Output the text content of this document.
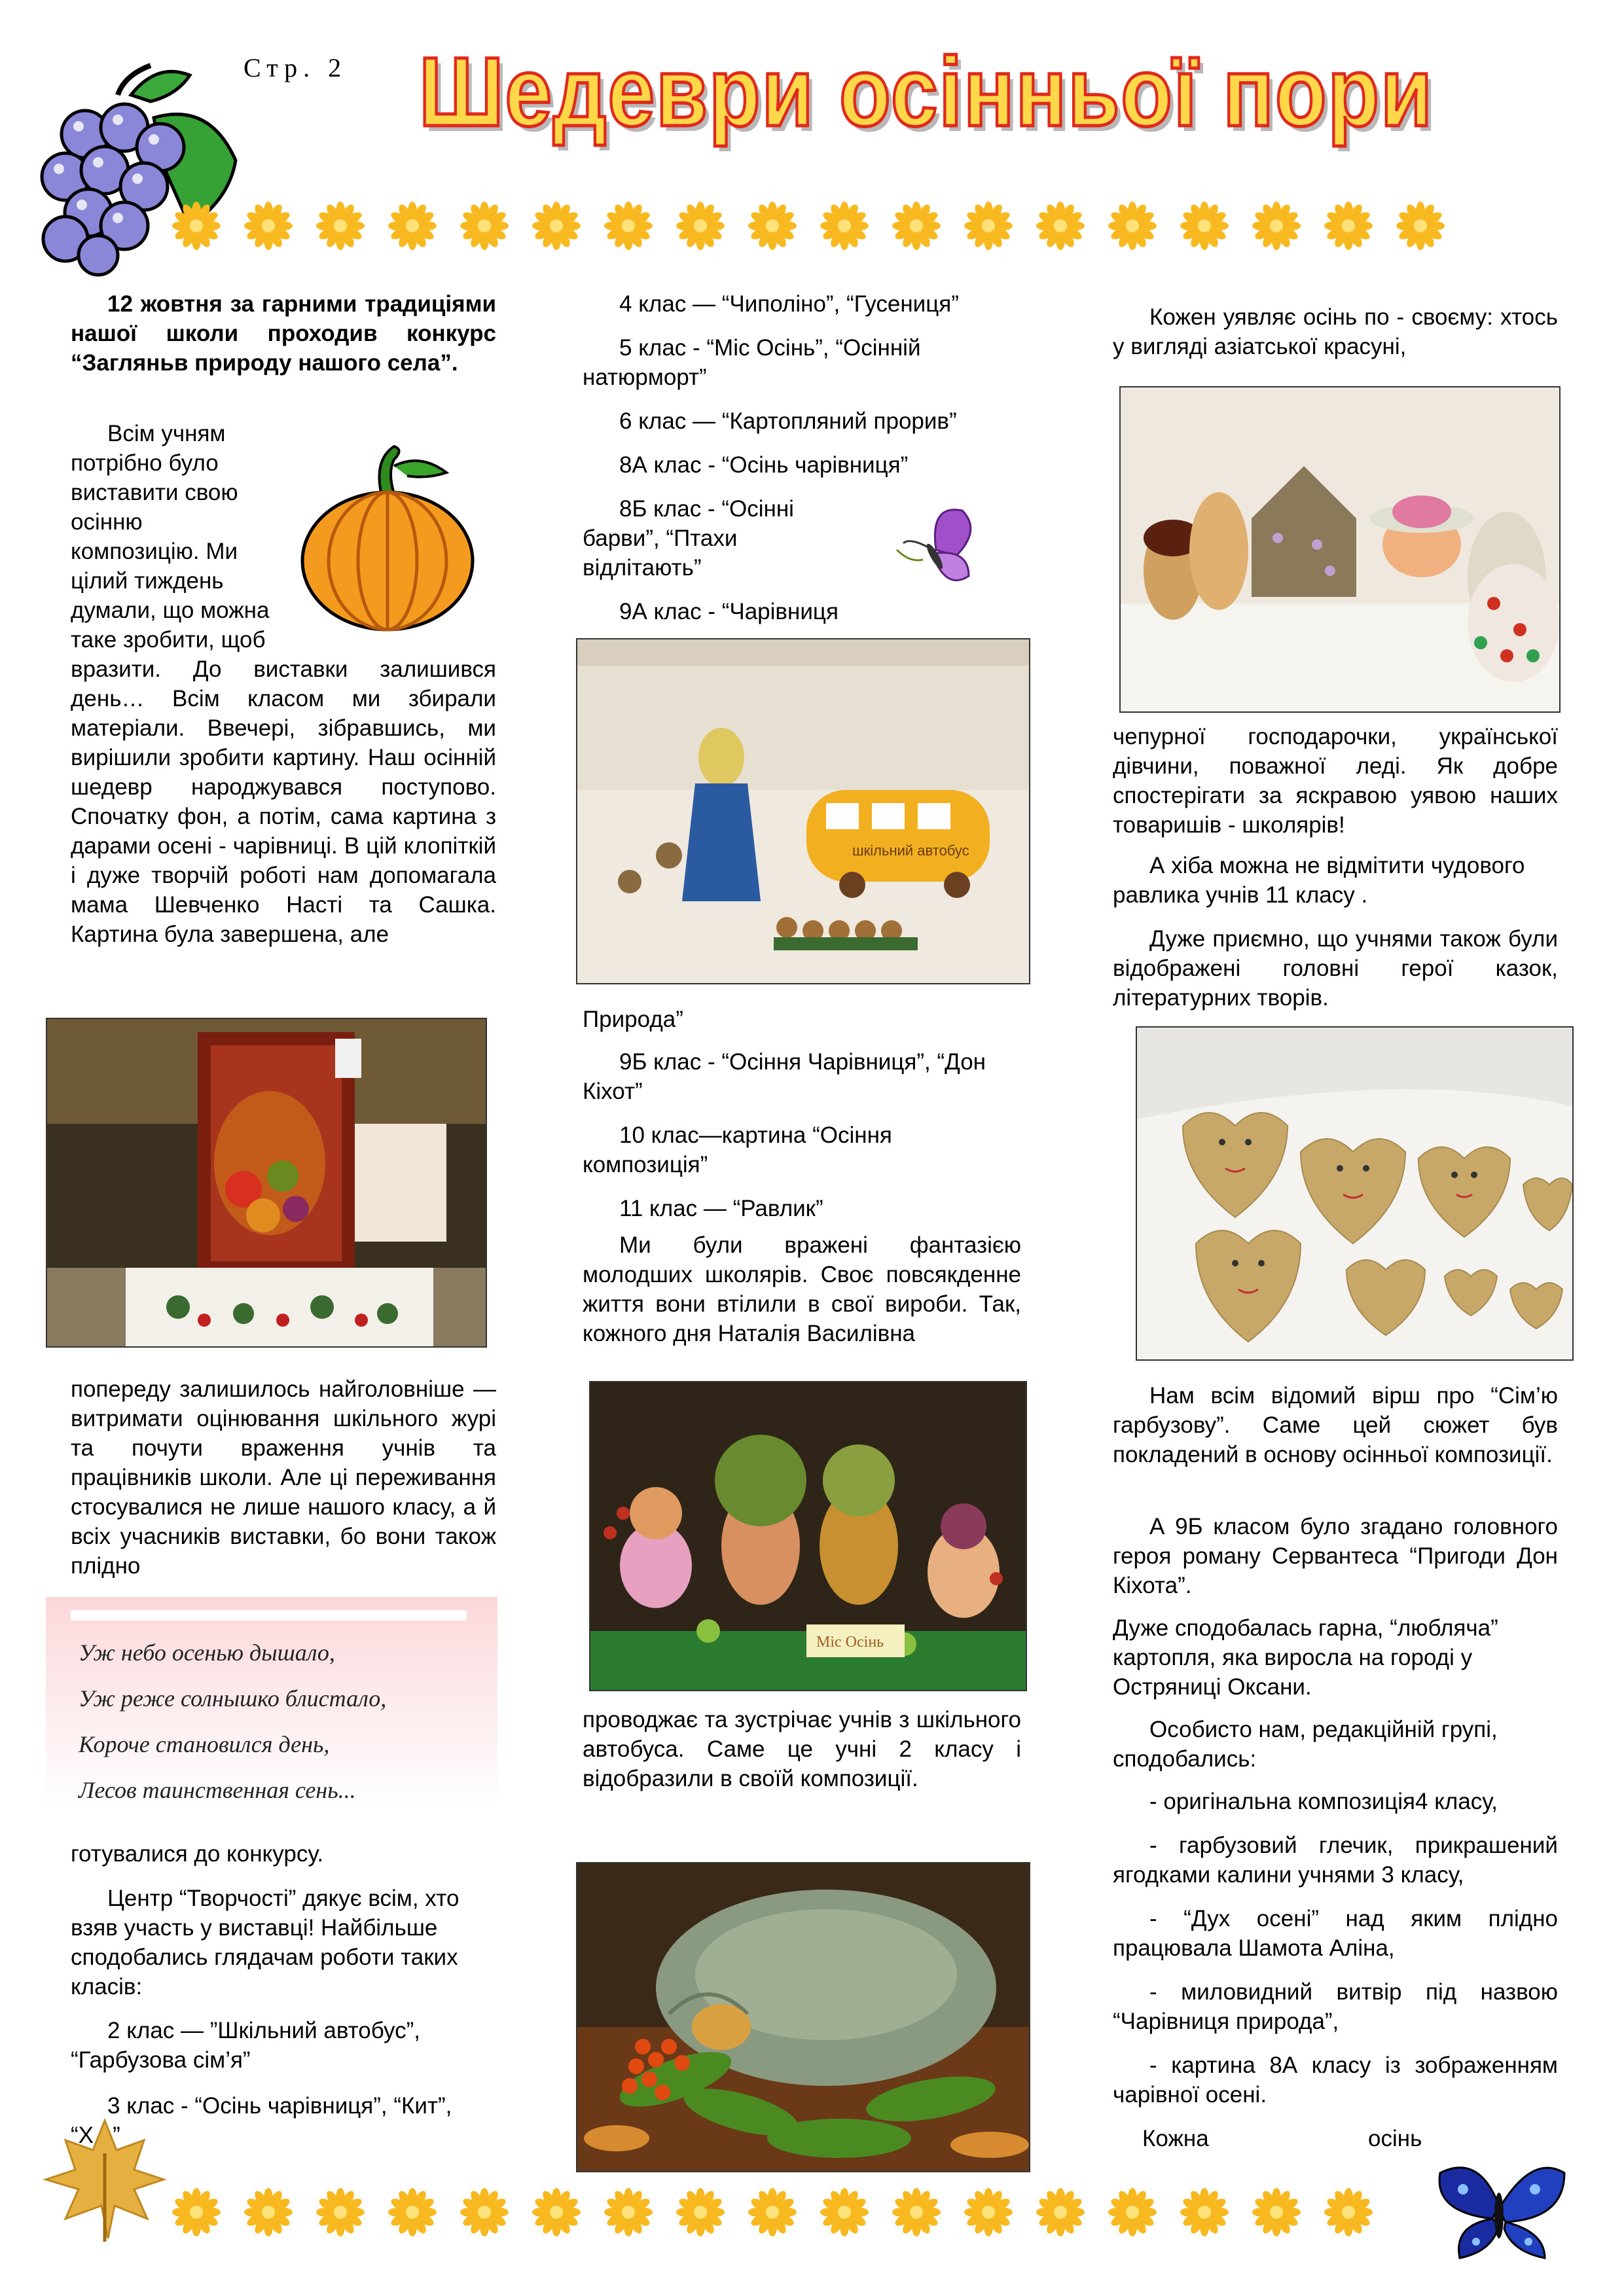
Стр. 2 Шедеври осінньої пори
12 жовтня за гарними традиціями нашої школи проходив конкурс “Загляньв природу нашого села”.
Всім учням
потрібно було
виставити свою
осінню
композицію. Ми
цілий тиждень
думали, що можна
таке зробити, щоб
вразити. До виставки залишився день… Всім класом ми збирали матеріали. Ввечері, зібравшись, ми вирішили зробити картину. Наш осінній шедевр народжувався поступово. Спочатку фон, а потім, сама картина з дарами осені - чарівниці. В цій клопіткій і дуже творчій роботі нам допомагала мама Шевченко Насті та Сашка. Картина була завершена, але
попереду залишилось найголовніше — витримати оцінювання шкільного журі та почути враження учнів та працівників школи. Але ці переживання стосувалися не лише нашого класу, а й всіх учасників виставки, бо вони також плідно
Уж небо осенью дышало,
Уж реже солнышко блистало,
Короче становился день,
Лесов таинственная сень...
готувалися до конкурсу.
Центр “Творчості” дякує всім, хто взяв участь у виставці! Найбільше сподобались глядачам роботи таких класів:
2 клас — ”Шкільний автобус”, “Гарбузова сім’я”
3 клас - “Осінь чарівниця”, “Кит”, “Х...”

4 клас — “Чиполіно”, “Гусениця”

5 клас - “Міс Осінь”, “Осінній натюрморт”

6 клас — “Картопляний прорив”

8А клас - “Осінь чарівниця”

8Б клас - “Осінні барви”, “Птахи відлітають”

9А клас - “Чарівниця

шкільний автобус
Природа”

9Б клас - “Осіння Чарівниця”, “Дон Кіхот”

10 клас—картина “Осіння композиція”

11 клас — “Равлик”

Ми були вражені фантазією молодших школярів. Своє повсякденне життя вони втілили в свої вироби. Так, кожного дня Наталія Василівна
Міс Осінь
проводжає та зустрічає учнів з шкільного автобуса. Саме це учні 2 класу і відобразили в своїй композиції.
Кожен уявляє осінь по - своєму: хтось у вигляді азіатської красуні,
чепурної господарочки, української дівчини, поважної леді. Як добре спостерігати за яскравою уявою наших товаришів - школярів!
А хіба можна не відмітити чудового равлика учнів 11 класу .
Дуже приємно, що учнями також були відображені головні герої казок, літературних творів.
Нам всім відомий вірш про “Сім’ю гарбузову”. Саме цей сюжет був покладений в основу осінньої композиції.
А 9Б класом було згадано головного героя роману Сервантеса “Пригоди Дон Кіхота”.
Дуже сподобалась гарна, “любляча” картопля, яка виросла на городі у Остряниці Оксани.
Особисто нам, редакційній групі, сподобались:

- оригінальна композиція4 класу,

- гарбузовий глечик, прикрашений ягодками калини учнями 3 класу,

- “Дух осені” над яким плідно працювала Шамота Аліна,

- миловидний витвір під назвою “Чарівниця природа”,

- картина 8А класу із зображенням чарівної осені.

Кожна	осінь
